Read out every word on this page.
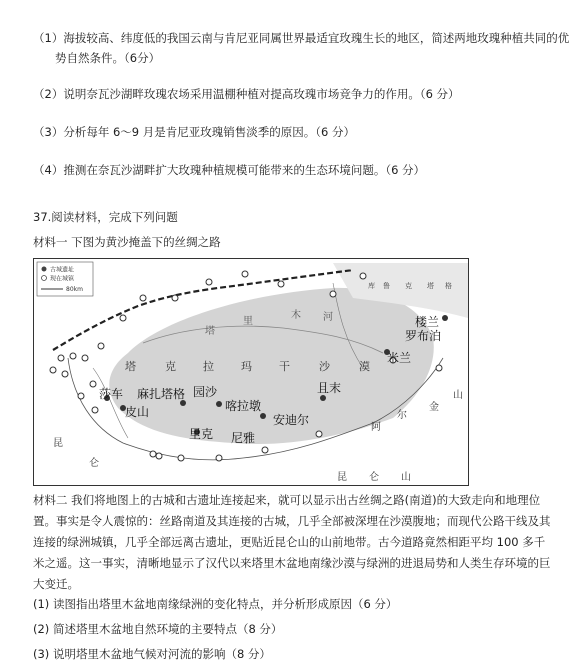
（1）海拔较高、纬度低的我国云南与肯尼亚同属世界最适宜玫瑰生长的地区，简述两地玫瑰种植共同的优
势自然条件。（6分）
（2）说明奈瓦沙湖畔玫瑰农场采用温棚种植对提高玫瑰市场竞争力的作用。（6 分）
（3）分析每年 6～9 月是肯尼亚玫瑰销售淡季的原因。（6 分）
（4）推测在奈瓦沙湖畔扩大玫瑰种植规模可能带来的生态环境问题。（6 分）
37.阅读材料，完成下列问题
材料一 下图为黄沙掩盖下的丝绸之路
古城遗址
现在城镇
80km	库 鲁 克 塔 格
塔
里
木 河
塔	克 拉 玛 干	沙	漠
昆
仑
昆 仑 山
阿
尔
金
山
楼兰
罗布泊
米兰
且末
莎车 麻扎塔格 园沙
皮山	喀拉墩
安迪尔
里克 尼雅
材料二 我们将地图上的古城和古遗址连接起来，就可以显示出古丝绸之路(南道)的大致走向和地理位置。事实是令人震惊的：丝路南道及其连接的古城，几乎全部被深埋在沙漠腹地；而现代公路干线及其连接的绿洲城镇，几乎全部远离古遗址，更贴近昆仑山的山前地带。古今道路竟然相距平均 100 多千米之遥。这一事实，清晰地显示了汉代以来塔里木盆地南缘沙漠与绿洲的进退局势和人类生存环境的巨大变迁。
(1) 读图指出塔里木盆地南缘绿洲的变化特点，并分析形成原因（6 分）
(2) 简述塔里木盆地自然环境的主要特点（8 分）
(3) 说明塔里木盆地气候对河流的影响（8 分）
